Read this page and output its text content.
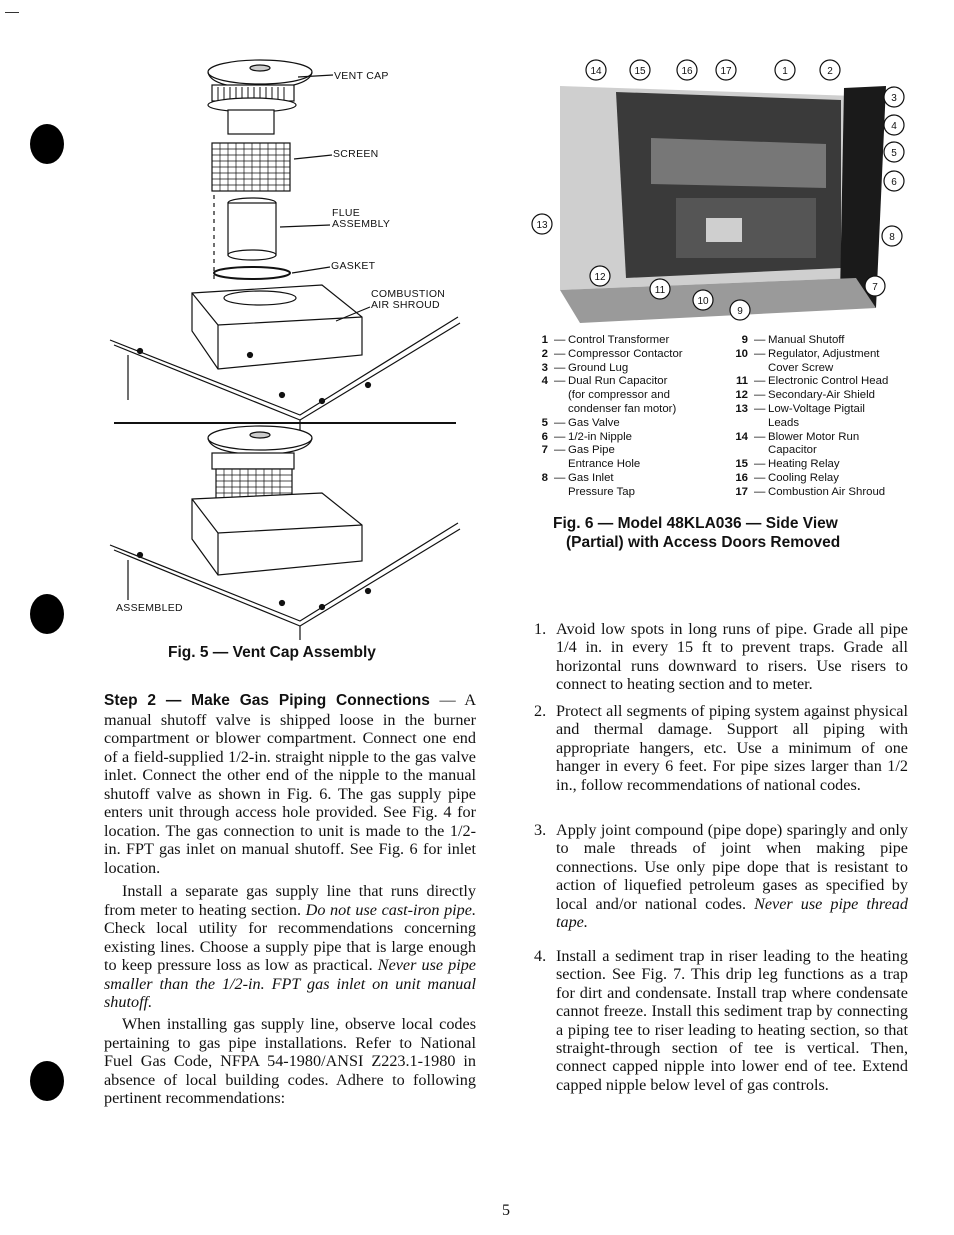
VENT CAP
SCREEN
FLUE
ASSEMBLY
GASKET
COMBUSTION
AIR SHROUD
ASSEMBLED
Fig. 5 — Vent Cap Assembly
14	15	16	17	1	2
3
4
5
6
8
7
13
12
11
10
9
1 — Control Transformer
2 — Compressor Contactor
3 — Ground Lug
4 — Dual Run Capacitor
(for compressor and
condenser fan motor)
5 — Gas Valve
6 — 1/2-in Nipple
7 — Gas Pipe
Entrance Hole
8 — Gas Inlet
Pressure Tap
9 — Manual Shutoff
10 — Regulator, Adjustment
Cover Screw
11 — Electronic Control Head
12 — Secondary-Air Shield
13 — Low-Voltage Pigtail
Leads
14 — Blower Motor Run
Capacitor
15 — Heating Relay
16 — Cooling Relay
17 — Combustion Air Shroud
Fig. 6 — Model 48KLA036 — Side View
(Partial) with Access Doors Removed
Step 2 — Make Gas Piping Connections — A manual shutoff valve is shipped loose in the burner compartment or blower compartment. Connect one end of a field-supplied 1/2-in. straight nipple to the gas valve inlet. Connect the other end of the nipple to the manual shutoff valve as shown in Fig. 6. The gas supply pipe enters unit through access hole provided. See Fig. 4 for location. The gas connection to unit is made to the 1/2-in. FPT gas inlet on manual shutoff. See Fig. 6 for inlet location.
Install a separate gas supply line that runs directly from meter to heating section. Do not use cast-iron pipe. Check local utility for recommendations concerning existing lines. Choose a supply pipe that is large enough to keep pressure loss as low as practical. Never use pipe smaller than the 1/2-in. FPT gas inlet on unit manual shutoff.
When installing gas supply line, observe local codes pertaining to gas pipe installations. Refer to National Fuel Gas Code, NFPA 54-1980/ANSI Z223.1-1980 in absence of local building codes. Adhere to following pertinent recommendations:
1. Avoid low spots in long runs of pipe. Grade all pipe 1/4 in. in every 15 ft to prevent traps. Grade all horizontal runs downward to risers. Use risers to connect to heating section and to meter.
2. Protect all segments of piping system against physical and thermal damage. Support all piping with appropriate hangers, etc. Use a minimum of one hanger in every 6 feet. For pipe sizes larger than 1/2 in., follow recommendations of national codes.
3. Apply joint compound (pipe dope) sparingly and only to male threads of joint when making pipe connections. Use only pipe dope that is resistant to action of liquefied petroleum gases as specified by local and/or national codes. Never use pipe thread tape.
4. Install a sediment trap in riser leading to the heating section. See Fig. 7. This drip leg functions as a trap for dirt and condensate. Install trap where condensate cannot freeze. Install this sediment trap by connecting a piping tee to riser leading to heating section, so that straight-through section of tee is vertical. Then, connect capped nipple into lower end of tee. Extend capped nipple below level of gas controls.
5
